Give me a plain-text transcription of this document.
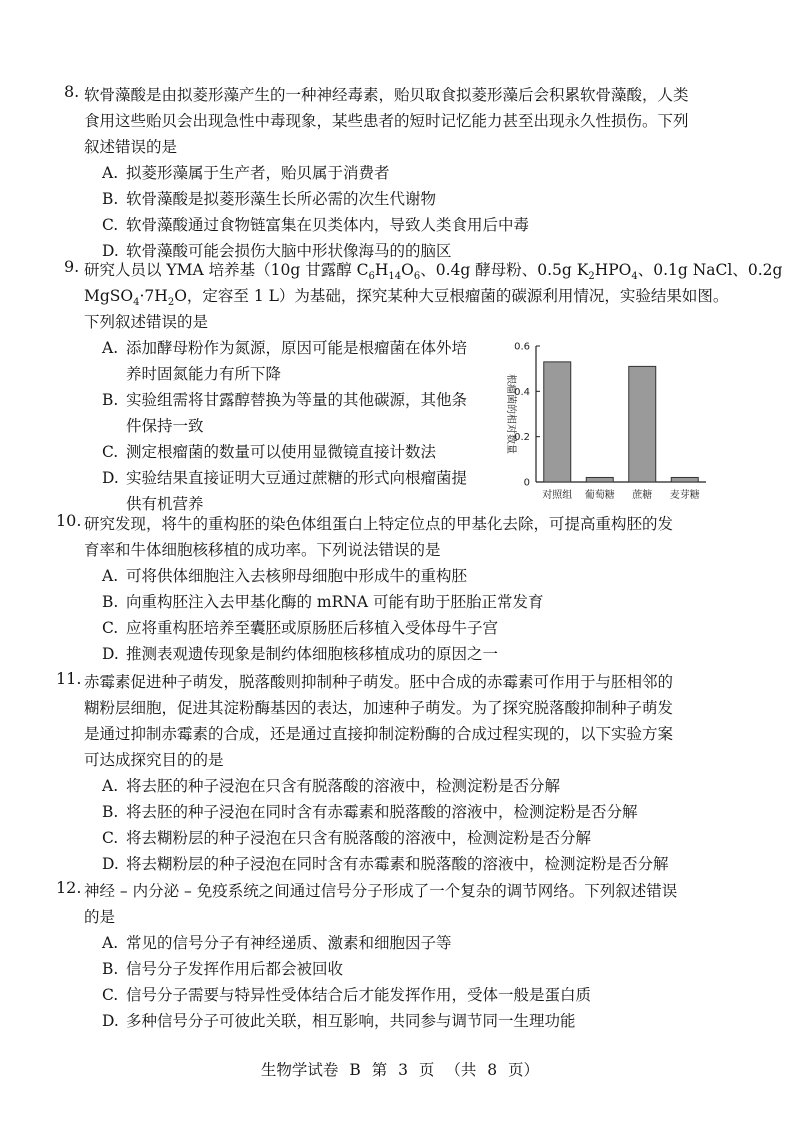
8. 软骨藻酸是由拟菱形藻产生的一种神经毒素，贻贝取食拟菱形藻后会积累软骨藻酸，人类
食用这些贻贝会出现急性中毒现象，某些患者的短时记忆能力甚至出现永久性损伤。下列
叙述错误的是
A. 拟菱形藻属于生产者，贻贝属于消费者
B. 软骨藻酸是拟菱形藻生长所必需的次生代谢物
C. 软骨藻酸通过食物链富集在贝类体内，导致人类食用后中毒
D. 软骨藻酸可能会损伤大脑中形状像海马的的脑区
9. 研究人员以 YMA 培养基（10g 甘露醇 $C_6H_{14}O_6$、0.4g 酵母粉、0.5g $K_2HPO_4$、0.1g NaCl、0.2g
$MgSO_4\cdot 7H_2O$，定容至 1 L）为基础，探究某种大豆根瘤菌的碳源利用情况，实验结果如图。
下列叙述错误的是
A. 添加酵母粉作为氮源，原因可能是根瘤菌在体外培
养时固氮能力有所下降
B. 实验组需将甘露醇替换为等量的其他碳源，其他条
件保持一致
C. 测定根瘤菌的数量可以使用显微镜直接计数法
D. 实验结果直接证明大豆通过蔗糖的形式向根瘤菌提
供有机营养
0
0.2
0.4
0.6
根瘤菌的相对数量
对照组 葡萄糖 蔗糖 麦芽糖
10. 研究发现，将牛的重构胚的染色体组蛋白上特定位点的甲基化去除，可提高重构胚的发
育率和牛体细胞核移植的成功率。下列说法错误的是
A. 可将供体细胞注入去核卵母细胞中形成牛的重构胚
B. 向重构胚注入去甲基化酶的 mRNA 可能有助于胚胎正常发育
C. 应将重构胚培养至囊胚或原肠胚后移植入受体母牛子宫
D. 推测表观遗传现象是制约体细胞核移植成功的原因之一
11. 赤霉素促进种子萌发，脱落酸则抑制种子萌发。胚中合成的赤霉素可作用于与胚相邻的
糊粉层细胞，促进其淀粉酶基因的表达，加速种子萌发。为了探究脱落酸抑制种子萌发
是通过抑制赤霉素的合成，还是通过直接抑制淀粉酶的合成过程实现的，以下实验方案
可达成探究目的的是
A. 将去胚的种子浸泡在只含有脱落酸的溶液中，检测淀粉是否分解
B. 将去胚的种子浸泡在同时含有赤霉素和脱落酸的溶液中，检测淀粉是否分解
C. 将去糊粉层的种子浸泡在只含有脱落酸的溶液中，检测淀粉是否分解
D. 将去糊粉层的种子浸泡在同时含有赤霉素和脱落酸的溶液中，检测淀粉是否分解
12. 神经 – 内分泌 – 免疫系统之间通过信号分子形成了一个复杂的调节网络。下列叙述错误
的是
A. 常见的信号分子有神经递质、激素和细胞因子等
B. 信号分子发挥作用后都会被回收
C. 信号分子需要与特异性受体结合后才能发挥作用，受体一般是蛋白质
D. 多种信号分子可彼此关联，相互影响，共同参与调节同一生理功能
生物学试卷 B 第 3 页 （共 8 页）
